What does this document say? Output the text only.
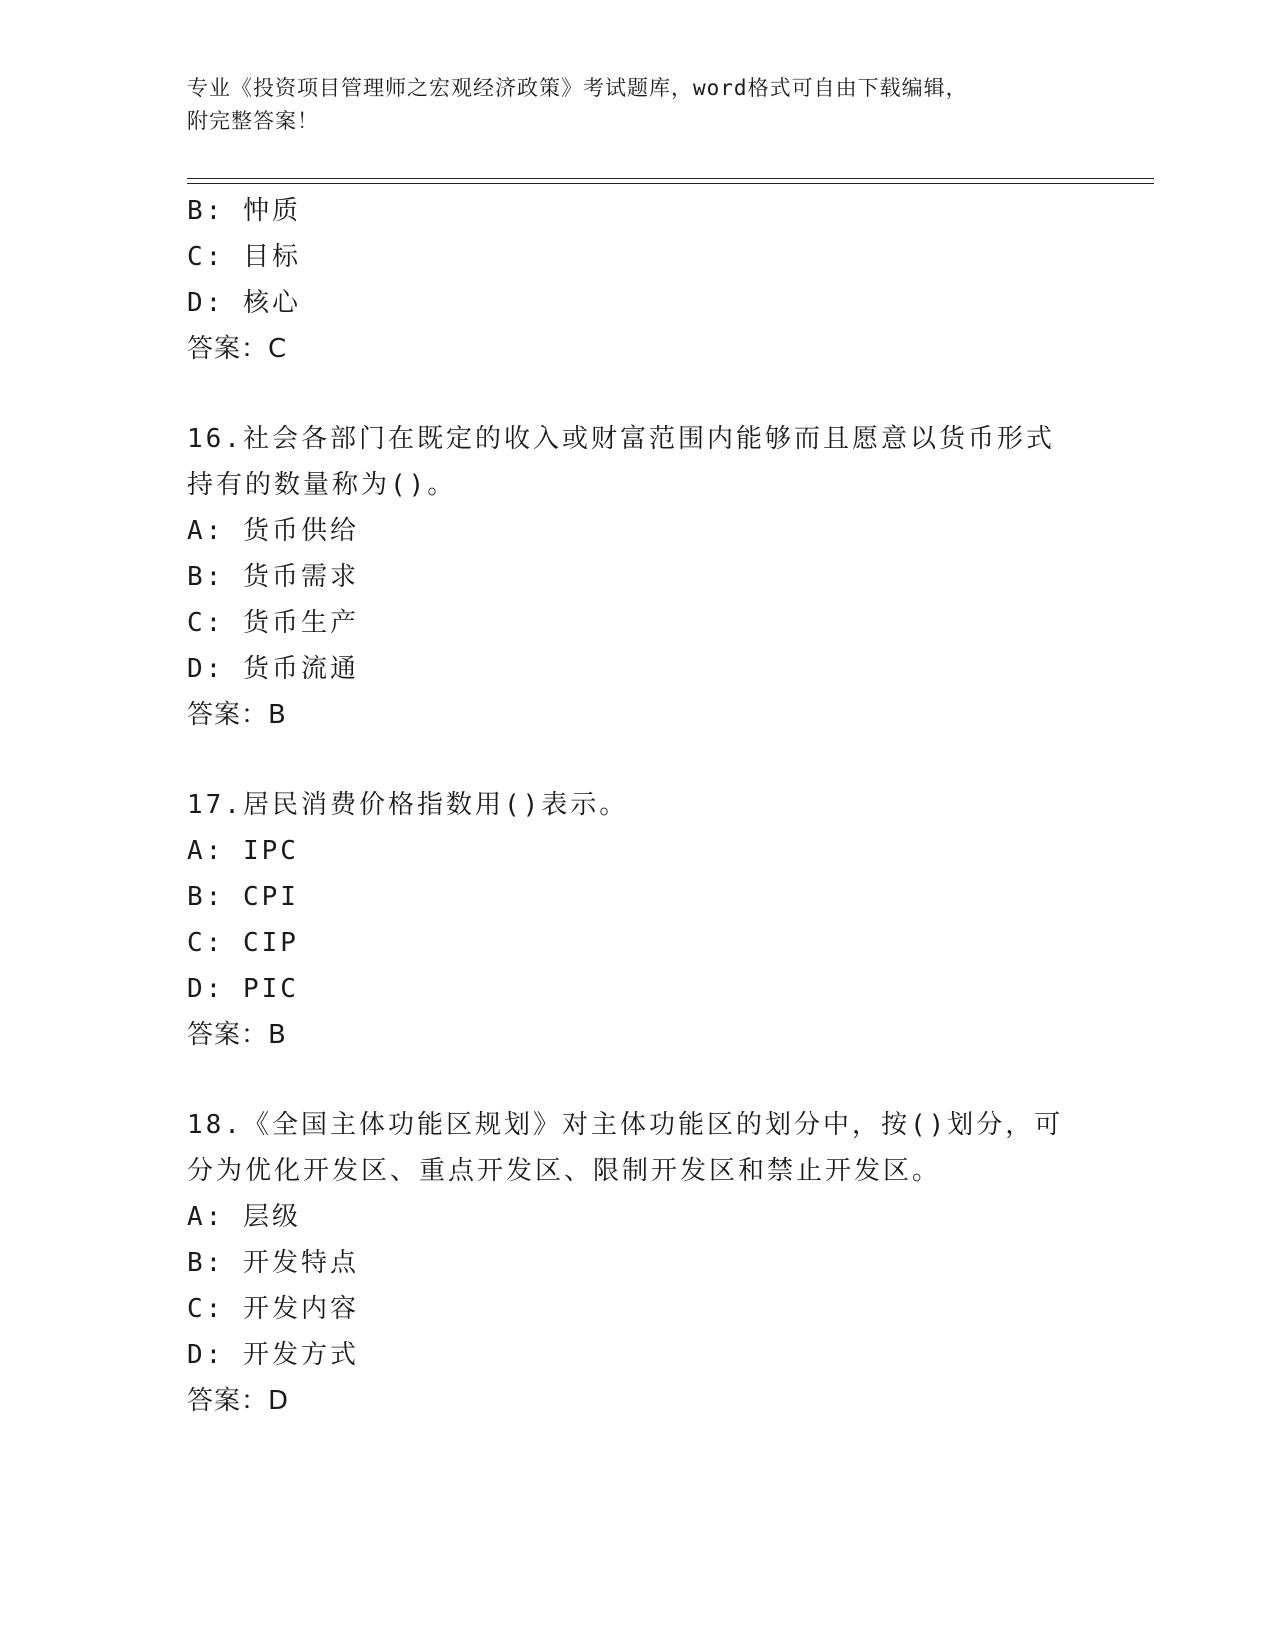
专业《投资项目管理师之宏观经济政策》考试题库，word格式可自由下载编辑，
附完整答案！
B: 忡质
C: 目标
D: 核心
答案：C
16.社会各部门在既定的收入或财富范围内能够而且愿意以货币形式持有的数量称为()。
A: 货币供给
B: 货币需求
C: 货币生产
D: 货币流通
答案：B
17.居民消费价格指数用()表示。
A: IPC
B: CPI
C: CIP
D: PIC
答案：B
18.《全国主体功能区规划》对主体功能区的划分中，按()划分，可分为优化开发区、重点开发区、限制开发区和禁止开发区。
A: 层级
B: 开发特点
C: 开发内容
D: 开发方式
答案：D
